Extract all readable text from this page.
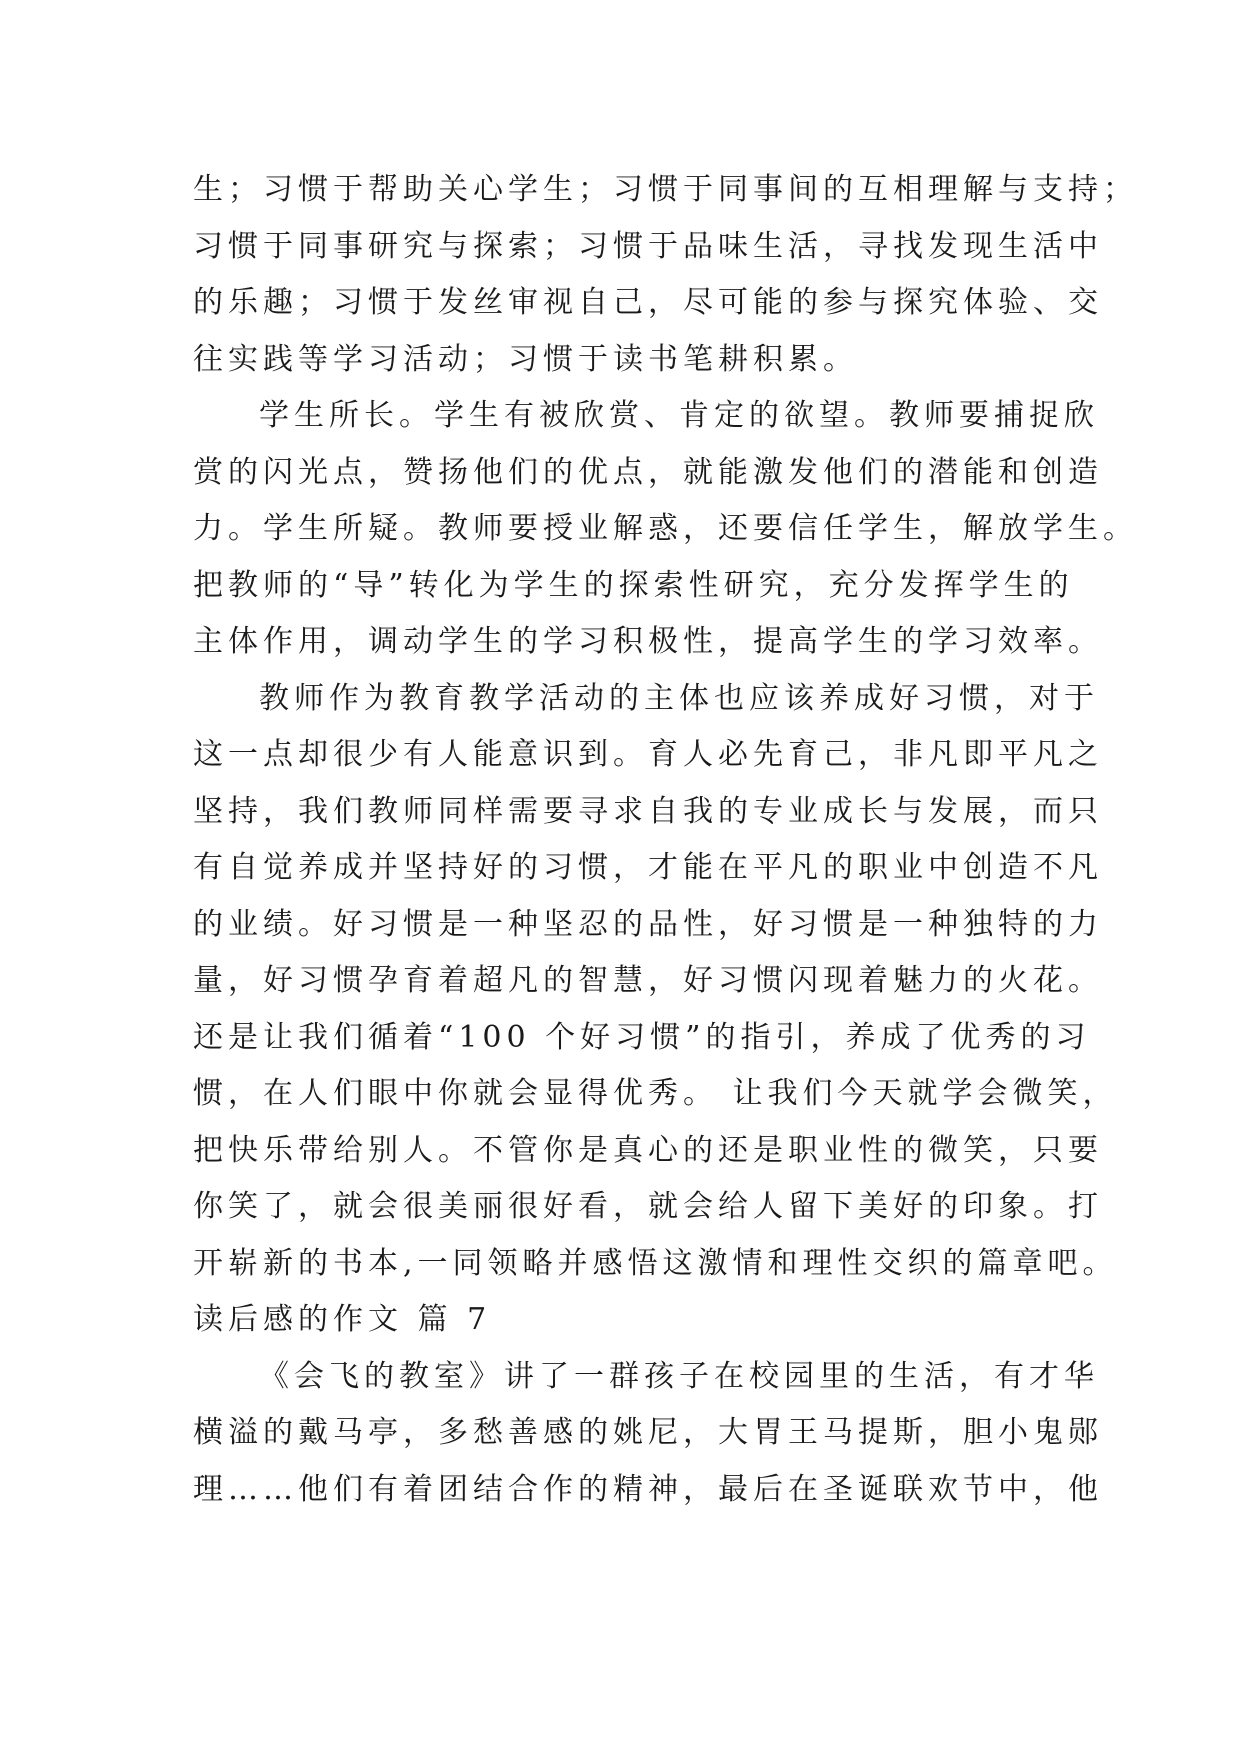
生；习惯于帮助关心学生；习惯于同事间的互相理解与支持；
习惯于同事研究与探索；习惯于品味生活，寻找发现生活中
的乐趣；习惯于发丝审视自己，尽可能的参与探究体验、交
往实践等学习活动；习惯于读书笔耕积累。
学生所长。学生有被欣赏、肯定的欲望。教师要捕捉欣
赏的闪光点，赞扬他们的优点，就能激发他们的潜能和创造
力。学生所疑。教师要授业解惑，还要信任学生，解放学生。
把教师的“导”转化为学生的探索性研究，充分发挥学生的
主体作用，调动学生的学习积极性，提高学生的学习效率。
教师作为教育教学活动的主体也应该养成好习惯，对于
这一点却很少有人能意识到。育人必先育己，非凡即平凡之
坚持，我们教师同样需要寻求自我的专业成长与发展，而只
有自觉养成并坚持好的习惯，才能在平凡的职业中创造不凡
的业绩。好习惯是一种坚忍的品性，好习惯是一种独特的力
量，好习惯孕育着超凡的智慧，好习惯闪现着魅力的火花。
还是让我们循着“100 个好习惯”的指引，养成了优秀的习
惯，在人们眼中你就会显得优秀。 让我们今天就学会微笑，
把快乐带给别人。不管你是真心的还是职业性的微笑，只要
你笑了，就会很美丽很好看，就会给人留下美好的印象。打
开崭新的书本,一同领略并感悟这激情和理性交织的篇章吧。
读后感的作文 篇 7
《会飞的教室》讲了一群孩子在校园里的生活，有才华
横溢的戴马亭，多愁善感的姚尼，大胃王马提斯，胆小鬼郧
理……他们有着团结合作的精神，最后在圣诞联欢节中，他
